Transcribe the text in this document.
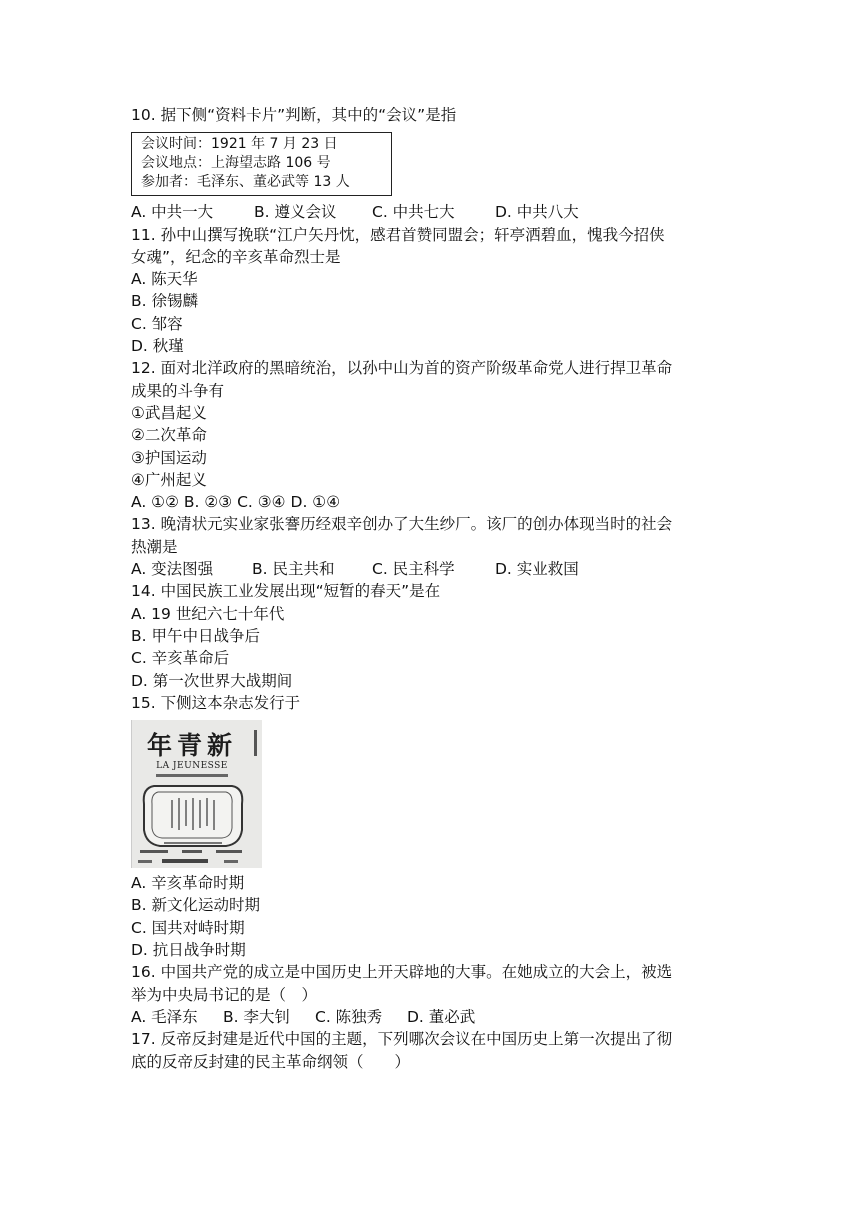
10. 据下侧“资料卡片”判断，其中的“会议”是指
会议时间：1921 年 7 月 23 日
会议地点：上海望志路 106 号
参加者：毛泽东、董必武等 13 人
A. 中共一大	B. 遵义会议 C. 中共七大	D. 中共八大
11. 孙中山撰写挽联“江户矢丹忱，感君首赞同盟会；轩亭洒碧血，愧我今招侠
女魂”，纪念的辛亥革命烈士是
A. 陈天华
B. 徐锡麟
C. 邹容
D. 秋瑾
12. 面对北洋政府的黑暗统治，以孙中山为首的资产阶级革命党人进行捍卫革命
成果的斗争有
①武昌起义
②二次革命
③护国运动
④广州起义
A. ①② B. ②③ C. ③④ D. ①④
13. 晚清状元实业家张謇历经艰辛创办了大生纱厂。该厂的创办体现当时的社会
热潮是
A. 变法图强	B. 民主共和 C. 民主科学	D. 实业救国
14. 中国民族工业发展出现“短暂的春天”是在
A. 19 世纪六七十年代
B. 甲午中日战争后
C. 辛亥革命后
D. 第一次世界大战期间
15. 下侧这本杂志发行于
年青新
LA JEUNESSE
A. 辛亥革命时期
B. 新文化运动时期
C. 国共对峙时期
D. 抗日战争时期
16. 中国共产党的成立是中国历史上开天辟地的大事。在她成立的大会上，被选
举为中央局书记的是（　）
A. 毛泽东 B. 李大钊 C. 陈独秀 D. 董必武
17. 反帝反封建是近代中国的主题，下列哪次会议在中国历史上第一次提出了彻
底的反帝反封建的民主革命纲领（　　）
